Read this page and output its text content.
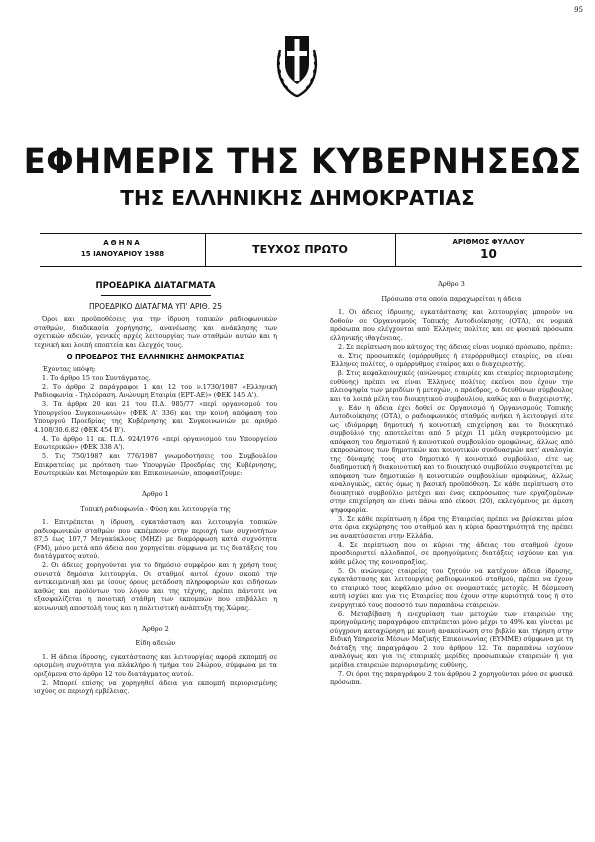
95
ΕΦΗΜΕΡΙΣ ΤΗΣ ΚΥΒΕΡΝΗΣΕΩΣ
ΤΗΣ ΕΛΛΗΝΙΚΗΣ ΔΗΜΟΚΡΑΤΙΑΣ
ΑΘΗΝΑ
15 ΙΑΝΟΥΑΡΙΟΥ 1988	ΤΕΥΧΟΣ ΠΡΩΤΟ
ΑΡΙΘΜΟΣ ΦΥΛΛΟΥ
10
ΠΡΟΕΔΡΙΚΑ ΔΙΑΤΑΓΜΑΤΑ
ΠΡΟΕΔΡΙΚΟ ΔΙΑΤΑΓΜΑ ΥΠ' ΑΡΙΘ. 25
Όροι και προϋποθέσεις για την ίδρυση τοπικών ραδιοφωνικών σταθμών, διαδικασία χορήγησης, ανανέωσης και ανάκλησης των σχετικών αδειών, γενικές αρχές λειτουργίας των σταθμών αυτών και η τεχνική και λοιπή εποπτεία και έλεγχός τους.
Ο ΠΡΟΕΔΡΟΣ ΤΗΣ ΕΛΛΗΝΙΚΗΣ ΔΗΜΟΚΡΑΤΙΑΣ
Έχοντας υπόψη:
1. Το άρθρο 15 του Συντάγματος.
2. Το άρθρο 2 παράγραφοι 1 και 12 του ν.1730/1987 «Ελληνική Ραδιοφωνία - Τηλεόραση. Ανώνυμη Εταιρία (ΕΡΤ-ΑΕ)» (ΦΕΚ 145 Α').
3. Τα άρθρα 20 και 21 του Π.Δ. 985/77 «περί οργανισμού του Υπουργείου Συγκοινωνιών» (ΦΕΚ Α' 336) και την κοινή απόφαση του Υπουργού Προεδρίας της Κυβέρνησης και Συγκοινωνιών με αριθμό 4.108/30.6.82 (ΦΕΚ 454 Β').
4. Το άρθρο 11 εκ. Π.Δ. 924/1976 «περί οργανισμού του Υπουργείου Εσωτερικών» (ΦΕΚ 338 Α').
5. Τις 750/1987 και 776/1987 γνωμοδοτήσεις του Συμβουλίου Επικρατείας με πρόταση των Υπουργών Προεδρίας της Κυβέρνησης, Εσωτερικών και Μεταφορών και Επικοινωνιών, αποφασίζουμε:
Άρθρο 1
Τοπική ραδιοφωνία - Φύση και λειτουργία της
1. Επιτρέπεται η ίδρυση, εγκατάσταση και λειτουργία τοπικών ραδιοφωνικών σταθμών που εκπέμπουν στην περιοχή των συχνοτήτων 87,5 έως 107,7 Μεγακύκλους (MHZ) με διαμόρφωση κατά συχνότητα (FM), μόνο μετά από άδεια που χορηγείται σύμφωνα με τις διατάξεις του διατάγματος αυτού.
2. Οι άδειες χορηγούνται για το δημόσιο συμφέρον και η χρήση τους συνιστά δημόσια λειτουργία. Οι σταθμοί αυτοί έχουν σκοπό την αντικειμενική και με ίσους όρους μετάδοση πληροφοριών και ειδήσεων καθώς και προϊόντων του λόγου και της τέχνης, πρέπει πάντοτε να εξασφαλίζεται η ποιοτική στάθμη των εκπομπών που επιβάλλει η κοινωνική αποστολή τους και η πολιτιστική ανάπτυξη της Χώρας.
Άρθρο 2
Είδη αδειών
1. Η άδεια ίδρυσης, εγκατάστασης και λειτουργίας αφορά εκπομπή σε ορισμένη συχνότητα για πλάκλήρο ή τμήμα του 24ώρου, σύμφωνα με τα οριζόμενα στο άρθρο 12 του διατάγματος αυτού.
2. Μπορεί επίσης να χορηγηθεί άδεια για εκπομπή περιορισμένης ισχύος σε περιοχή εμβέλειας.
Άρθρο 3
Πρόσωπα στα οποία παραχωρείται η άδεια
1. Οι άδειες ίδρυσης, εγκατάστασης και λειτουργίας μπορούν να δοθούν σε Οργανισμούς Τοπικής Αυτοδιοίκησης (ΟΤΑ), σε νομικά πρόσωπα που ελέγχονται από Έλληνες πολίτες και σε φυσικά πρόσωπα ελληνικής ιθαγένειας.
2. Σε περίπτωση που κάτοχος της άδειας είναι νομικό πρόσωπο, πρέπει:
α. Στις προσωπικές (ομόρρυθμες ή ετερόρρυθμες) εταιρίες, να είναι Έλληνες πολίτες, ο ομόρρυθμος εταίρος και ο διαχειριστής.
β. Στις κεφαλαιουχικές (ανώνυμες εταιρίες και εταιρίες περιορισμένης ευθύνης) πρέπει να είναι Έλληνες πολίτες εκείνοι που έχουν την πλειοψηφία των μεριδίων ή μετοχών, ο πρόεδρος, ο διευθύνων σύμβουλος και τα λοιπά μέλη του διοικητικού συμβουλίου, καθώς και ο διαχειριστής.
γ. Εάν η άδεια έχει δοθεί σε Οργανισμό ή Οργανισμούς Τοπικής Αυτοδιοίκησης (ΟΤΑ), ο ραδιοφωνικός σταθμός ανήκει ή λειτουργεί είτε ως ιδιόμορφη δημοτική ή κοινοτική επιχείρηση και το διοικητικό συμβούλιό της αποτελείται από 5 μέχρι 11 μέλη συγκροτούμενο με απόφαση του δημοτικού ή κοινοτικού συμβουλίου ομοφώνως, άλλως από εκπροσώπους των δημοτικών και κοινοτικών συνδυασμών κατ' αναλογία της δύναμής τους στο δημοτικό ή κοινοτικό συμβούλιο, είτε ως διαδημοτική ή διακοινοτική και το διοικητικό συμβούλιο συγκροτείται με απόφαση των δημοτικών ή κοινοτικών συμβουλίων ομοφώνως, άλλως αναλογικώς, εκτός όμως η βασική προϋπόθεση. Σε κάθε περίπτωση στο διοικητικό συμβούλιο μετέχει και ένας εκπρόσωπος των εργαζομένων στην επιχείρηση αν είναι πάνω από είκοσι (20), εκλεγόμενος με άμεση ψηφοφορία.
3. Σε κάθε περίπτωση η έδρα της Εταιρείας πρέπει να βρίσκεται μέσα στα όρια εκχώρησης του σταθμού και η κύρια δραστηριότητά της πρέπει να αναπτύσσεται στην Ελλάδα.
4. Σε περίπτωση που οι κύριοι της άδειας του σταθμού έχουν προσδιοριστεί αλλοδαποί, σε προηγούμενες διατάξεις ισχύουν και για κάθε μέλος της κοινοπραξίας.
5. Οι ανώνυμες εταιρείες του ζητούν να κατέχουν άδεια ίδρυσης, εγκατάστασης και λειτουργίας ραδιοφωνικού σταθμού, πρέπει να έχουν το εταιρικό τους κεφάλαιο μόνο σε ονομαστικές μετοχές. Η δέσμευση αυτή ισχύει και για τις Εταιρείες που έχουν στην κυριότητά τους ή στο ενεργητικό τους ποσοστό των παραπάνω εταιρειών.
6. Μεταβίβαση ή ενεχυρίαση των μετοχών των εταιρειών της προηγούμενης παραγράφου επιτρέπεται μόνο μέχρι το 49% και γίνεται με σύγχρονη καταχώρηση με κοινή ανακοίνωση στο βιβλίο και τήρηση στην Ειδική Υπηρεσία Μέσων Μαζικής Επικοινωνίας (ΕΥΜΜΕ) σύμφωνα με τη διάταξη της παραγράφου 2 του άρθρου 12. Τα παραπάνω ισχύουν αναλόγως και για τις εταιρικές μερίδες προσωπικών εταιρειών ή για μερίδια εταιρειών περιορισμένης ευθύνης.
7. Οι όροι της παραγράφου 2 του άρθρου 2 χορηγούνται μόνο σε φυσικά πρόσωπα.
